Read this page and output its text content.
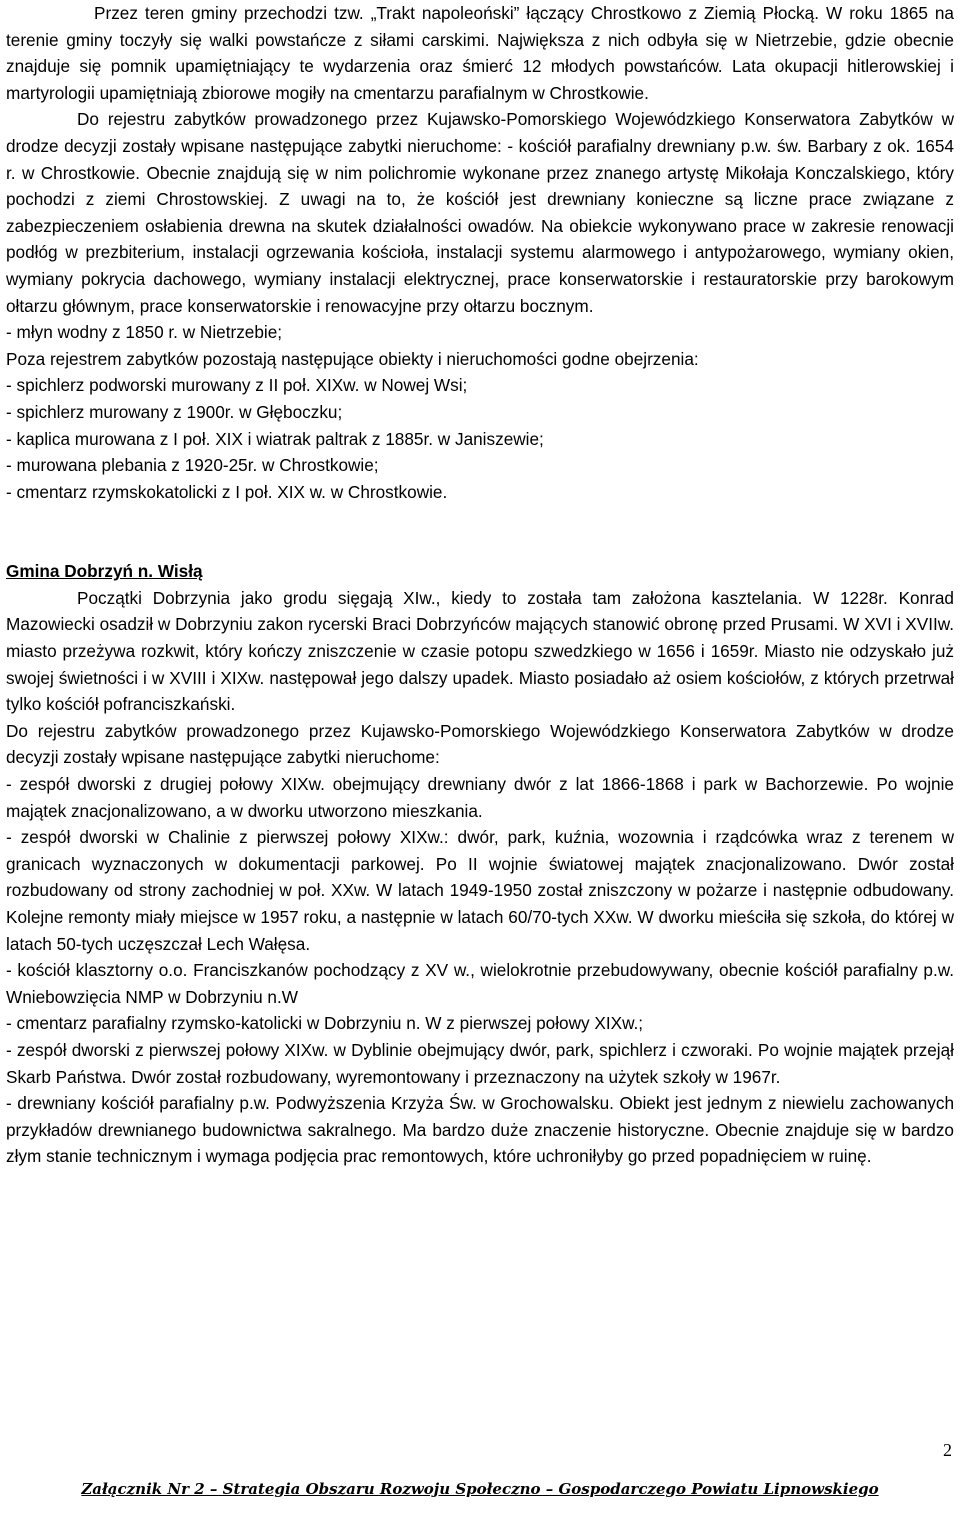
Przez teren gminy przechodzi tzw. „Trakt napoleoński” łączący Chrostkowo z Ziemią Płocką. W roku 1865 na terenie gminy toczyły się walki powstańcze z siłami carskimi. Największa z nich odbyła się w Nietrzebie, gdzie obecnie znajduje się pomnik upamiętniający te wydarzenia oraz śmierć 12 młodych powstańców. Lata okupacji hitlerowskiej i martyrologii upamiętniają zbiorowe mogiły na cmentarzu parafialnym w Chrostkowie.

Do rejestru zabytków prowadzonego przez Kujawsko-Pomorskiego Wojewódzkiego Konserwatora Zabytków w drodze decyzji zostały wpisane następujące zabytki nieruchome: - kościół parafialny drewniany p.w. św. Barbary z ok. 1654 r. w Chrostkowie. Obecnie znajdują się w nim polichromie wykonane przez znanego artystę Mikołaja Konczalskiego, który pochodzi z ziemi Chrostowskiej. Z uwagi na to, że kościół jest drewniany konieczne są liczne prace związane z zabezpieczeniem osłabienia drewna na skutek działalności owadów. Na obiekcie wykonywano prace w zakresie renowacji podłóg w prezbiterium, instalacji ogrzewania kościoła, instalacji systemu alarmowego i antypożarowego, wymiany okien, wymiany pokrycia dachowego, wymiany instalacji elektrycznej, prace konserwatorskie i restauratorskie przy barokowym ołtarzu głównym, prace konserwatorskie i renowacyjne przy ołtarzu bocznym.

- młyn wodny z 1850 r. w Nietrzebie;

Poza rejestrem zabytków pozostają następujące obiekty i nieruchomości godne obejrzenia:

- spichlerz podworski murowany z II poł. XIXw. w Nowej Wsi;
- spichlerz murowany z 1900r. w Głęboczku;
- kaplica murowana z I poł. XIX i wiatrak paltrak z 1885r. w Janiszewie;
- murowana plebania z 1920-25r. w Chrostkowie;
- cmentarz rzymskokatolicki z I poł. XIX w. w Chrostkowie.

Gmina Dobrzyń n. Wisłą

Początki Dobrzynia jako grodu sięgają XIw., kiedy to została tam założona kasztelania. W 1228r. Konrad Mazowiecki osadził w Dobrzyniu zakon rycerski Braci Dobrzyńców mających stanowić obronę przed Prusami. W XVI i XVIIw. miasto przeżywa rozkwit, który kończy zniszczenie w czasie potopu szwedzkiego w 1656 i 1659r. Miasto nie odzyskało już swojej świetności i w XVIII i XIXw. następował jego dalszy upadek. Miasto posiadało aż osiem kościołów, z których przetrwał tylko kościół pofranciszkański.

Do rejestru zabytków prowadzonego przez Kujawsko-Pomorskiego Wojewódzkiego Konserwatora Zabytków w drodze decyzji zostały wpisane następujące zabytki nieruchome:

- zespół dworski z drugiej połowy XIXw. obejmujący drewniany dwór z lat 1866-1868 i park w Bachorzewie. Po wojnie majątek znacjonalizowano, a w dworku utworzono mieszkania.

- zespół dworski w Chalinie z pierwszej połowy XIXw.: dwór, park, kuźnia, wozownia i rządcówka wraz z terenem w granicach wyznaczonych w dokumentacji parkowej. Po II wojnie światowej majątek znacjonalizowano. Dwór został rozbudowany od strony zachodniej w poł. XXw. W latach 1949-1950 został zniszczony w pożarze i następnie odbudowany. Kolejne remonty miały miejsce w 1957 roku, a następnie w latach 60/70-tych XXw. W dworku mieściła się szkoła, do której w latach 50-tych uczęszczał Lech Wałęsa.

- kościół klasztorny o.o. Franciszkanów pochodzący z XV w., wielokrotnie przebudowywany, obecnie kościół parafialny p.w. Wniebowzięcia NMP w Dobrzyniu n.W

- cmentarz parafialny rzymsko-katolicki w Dobrzyniu n. W z pierwszej połowy XIXw.;

- zespół dworski z pierwszej połowy XIXw. w Dyblinie obejmujący dwór, park, spichlerz i czworaki. Po wojnie majątek przejął Skarb Państwa. Dwór został rozbudowany, wyremontowany i przeznaczony na użytek szkoły w 1967r.

- drewniany kościół parafialny p.w. Podwyższenia Krzyża Św. w Grochowalsku. Obiekt jest jednym z niewielu zachowanych przykładów drewnianego budownictwa sakralnego. Ma bardzo duże znaczenie historyczne. Obecnie znajduje się w bardzo złym stanie technicznym i wymaga podjęcia prac remontowych, które uchroniłyby go przed popadnięciem w ruinę.

2
Załącznik Nr 2 – Strategia Obszaru Rozwoju Społeczno – Gospodarczego Powiatu Lipnowskiego
